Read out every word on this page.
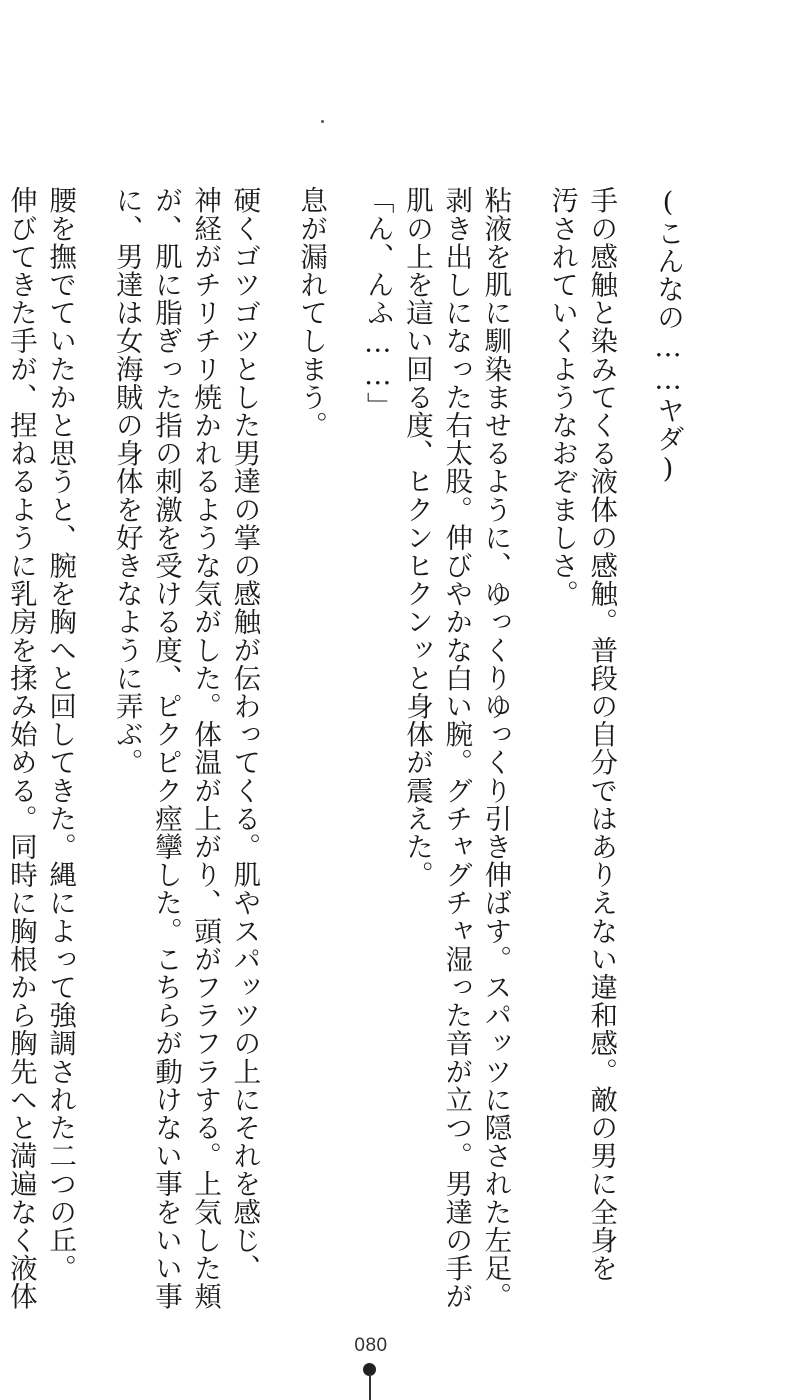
(こんなの……ヤダ)
手の感触と染みてくる液体の感触。普段の自分ではありえない違和感。敵の男に全身を
汚されていくようなおぞましさ。
粘液を肌に馴染ませるように、ゆっくりゆっくり引き伸ばす。スパッツに隠された左足。
剥き出しになった右太股。伸びやかな白い腕。グチャグチャ湿った音が立つ。男達の手が
肌の上を這い回る度、ヒクンヒクンッと身体が震えた。
「ん、んふ……」
息が漏れてしまう。
硬くゴツゴツとした男達の掌の感触が伝わってくる。肌やスパッツの上にそれを感じ、
神経がチリチリ焼かれるような気がした。体温が上がり、頭がフラフラする。上気した頬
が、肌に脂ぎった指の刺激を受ける度、ピクピク痙攣した。こちらが動けない事をいい事
に、男達は女海賊の身体を好きなように弄ぶ。
腰を撫でていたかと思うと、腕を胸へと回してきた。縄によって強調された二つの丘。
伸びてきた手が、捏ねるように乳房を揉み始める。同時に胸根から胸先へと満遍なく液体
080
